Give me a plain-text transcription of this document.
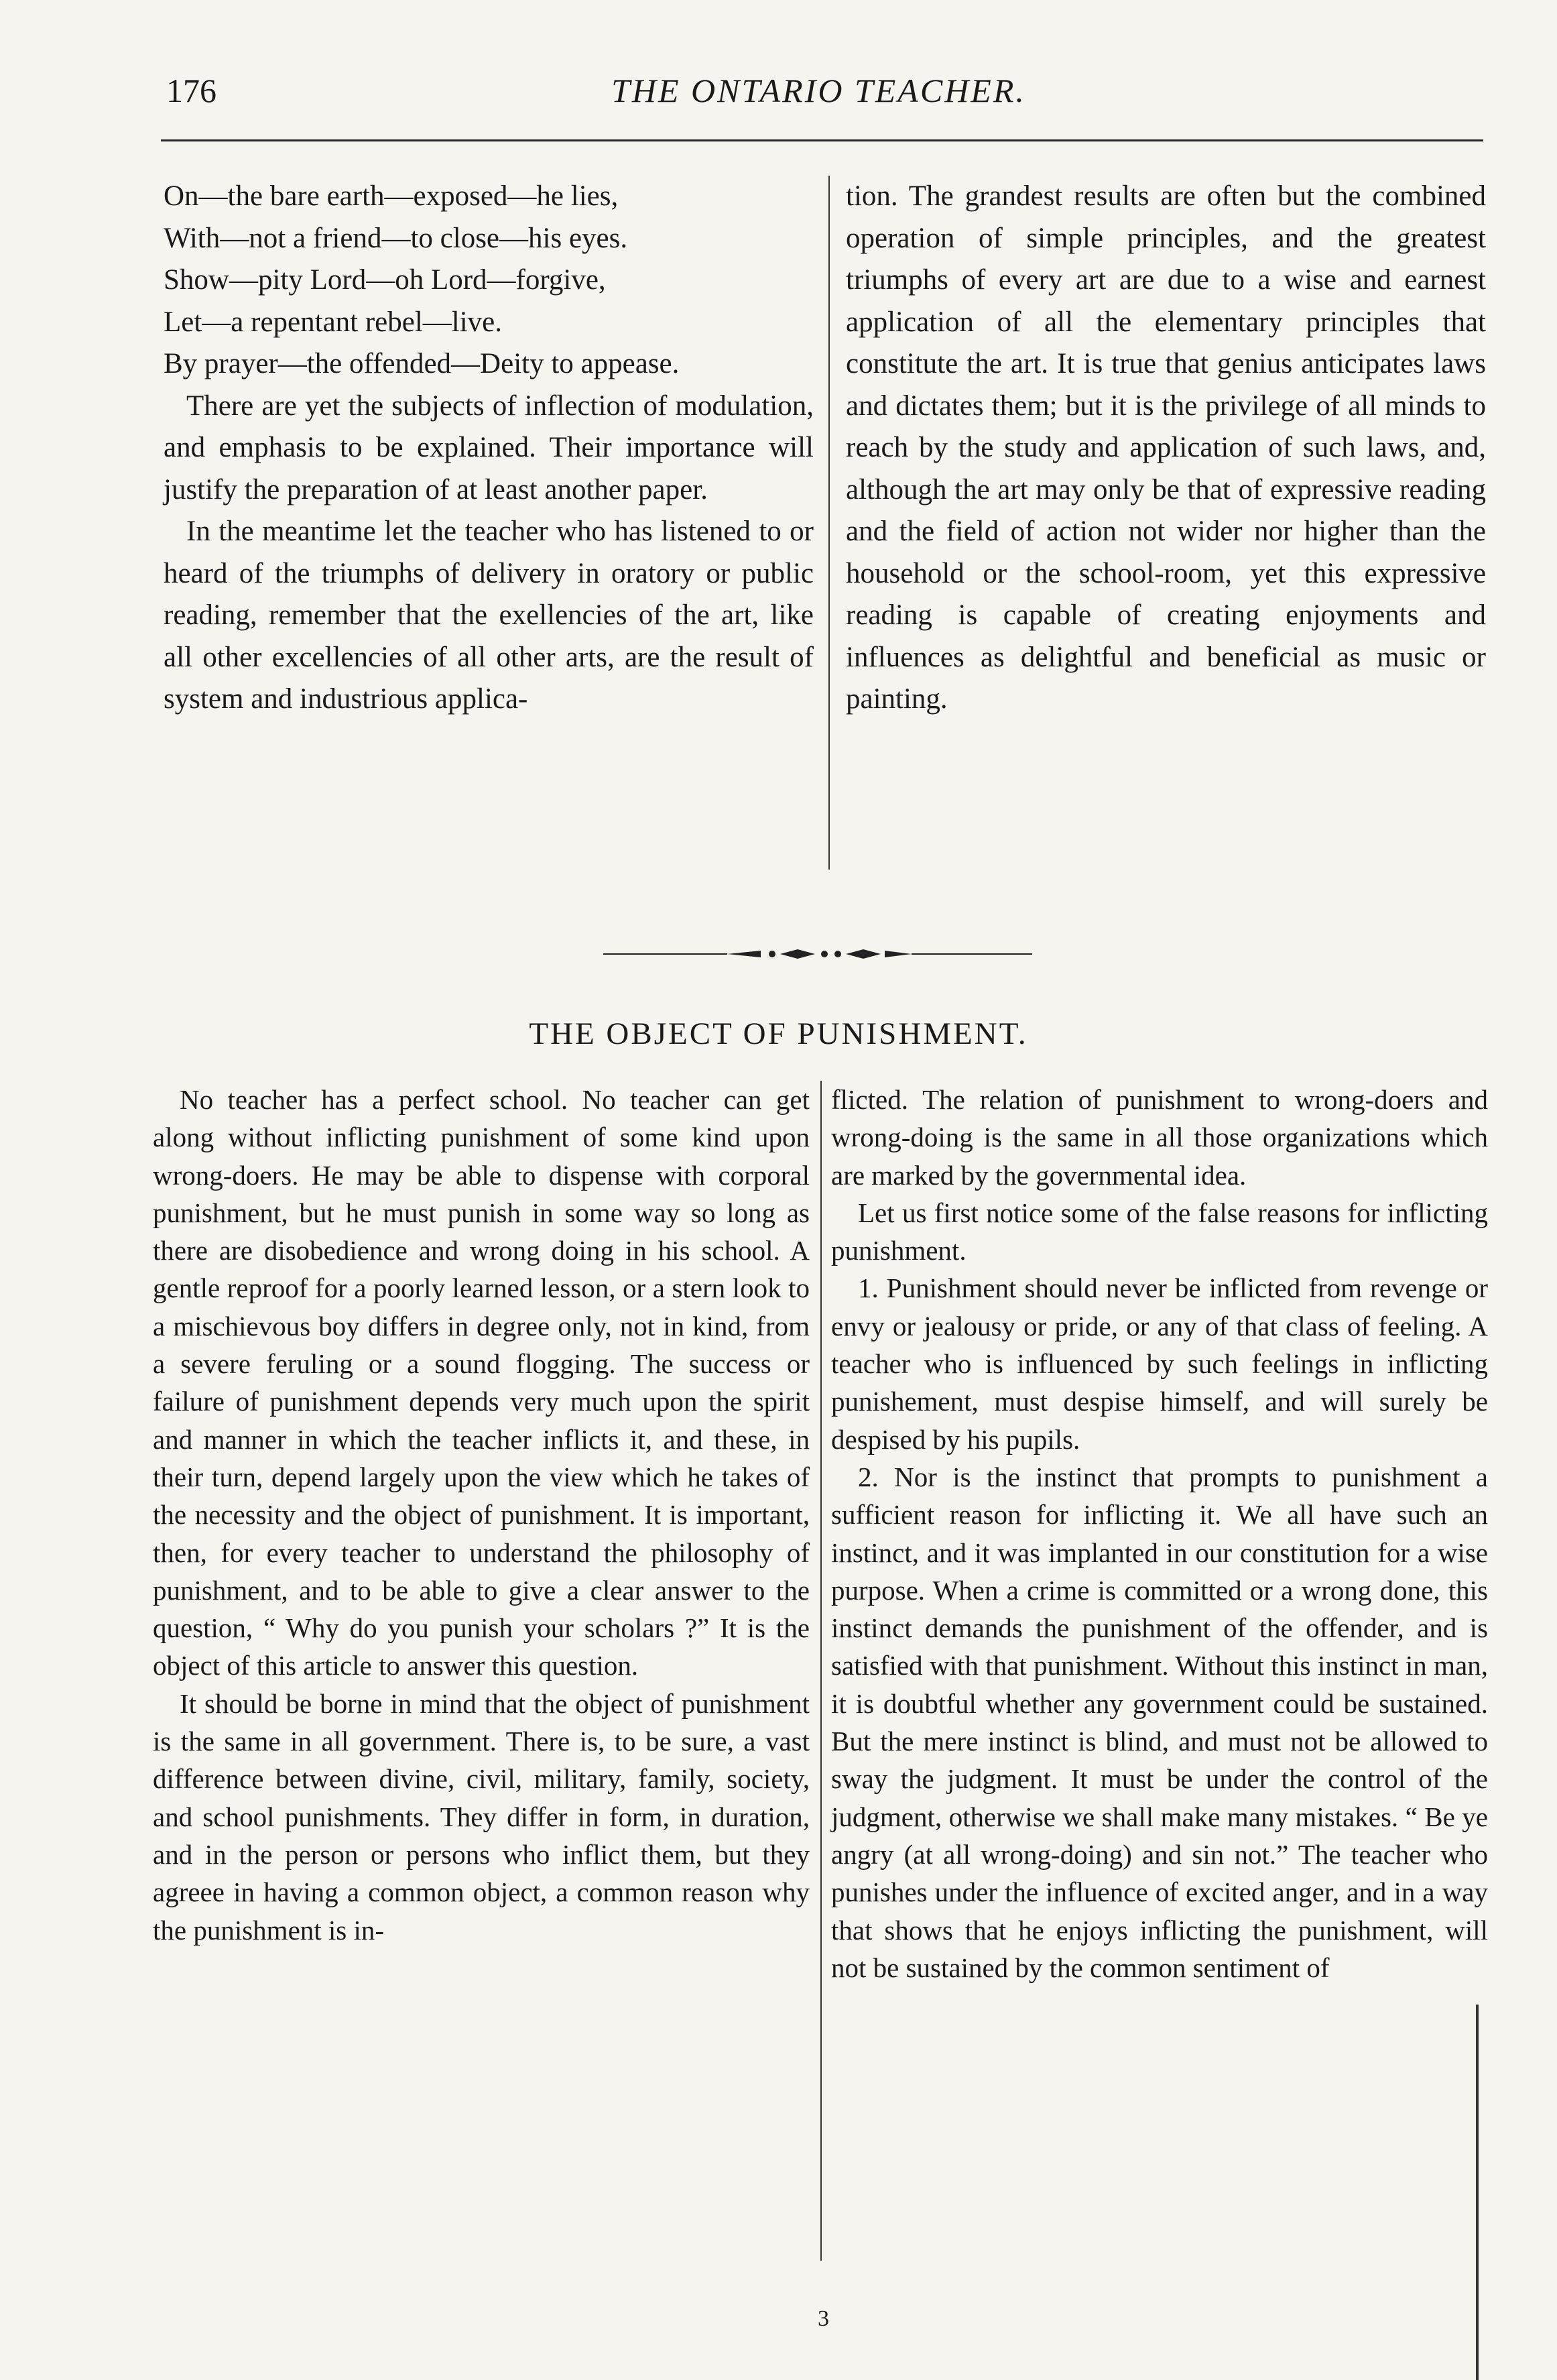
176	THE ONTARIO TEACHER.

On—the bare earth—exposed—he lies,

With—not a friend—to close—his eyes.

Show—pity Lord—oh Lord—forgive,

Let—a repentant rebel—live.

By prayer—the offended—Deity to appease.

There are yet the subjects of inflection of modulation, and emphasis to be explained. Their importance will justify the preparation of at least another paper.

In the meantime let the teacher who has listened to or heard of the triumphs of delivery in oratory or public reading, remember that the exellencies of the art, like all other excellencies of all other arts, are the result of system and industrious applica-

tion. The grandest results are often but the combined operation of simple principles, and the greatest triumphs of every art are due to a wise and earnest application of all the elementary principles that constitute the art. It is true that genius anticipates laws and dictates them; but it is the privilege of all minds to reach by the study and application of such laws, and, although the art may only be that of expressive reading and the field of action not wider nor higher than the household or the school-room, yet this expressive reading is capable of creating enjoyments and influences as delightful and beneficial as music or painting.

THE OBJECT OF PUNISHMENT.

No teacher has a perfect school. No teacher can get along without inflicting punishment of some kind upon wrong-doers. He may be able to dispense with corporal punishment, but he must punish in some way so long as there are disobedience and wrong doing in his school. A gentle reproof for a poorly learned lesson, or a stern look to a mischievous boy differs in degree only, not in kind, from a severe feruling or a sound flogging. The success or failure of punishment depends very much upon the spirit and manner in which the teacher inflicts it, and these, in their turn, depend largely upon the view which he takes of the necessity and the object of punishment. It is important, then, for every teacher to understand the philosophy of punishment, and to be able to give a clear answer to the question, “ Why do you punish your scholars ?” It is the object of this article to answer this question.

It should be borne in mind that the object of punishment is the same in all government. There is, to be sure, a vast difference between divine, civil, military, family, society, and school punishments. They differ in form, in duration, and in the person or persons who inflict them, but they agreee in having a common object, a common reason why the punishment is in-

flicted. The relation of punishment to wrong-doers and wrong-doing is the same in all those organizations which are marked by the governmental idea.

Let us first notice some of the false reasons for inflicting punishment.

1. Punishment should never be inflicted from revenge or envy or jealousy or pride, or any of that class of feeling. A teacher who is influenced by such feelings in inflicting punishement, must despise himself, and will surely be despised by his pupils.

2. Nor is the instinct that prompts to punishment a sufficient reason for inflicting it. We all have such an instinct, and it was implanted in our constitution for a wise purpose. When a crime is committed or a wrong done, this instinct demands the punishment of the offender, and is satisfied with that punishment. Without this instinct in man, it is doubtful whether any government could be sustained. But the mere instinct is blind, and must not be allowed to sway the judgment. It must be under the control of the judgment, otherwise we shall make many mistakes. “ Be ye angry (at all wrong-doing) and sin not.” The teacher who punishes under the influence of excited anger, and in a way that shows that he enjoys inflicting the punishment, will not be sustained by the common sentiment of

3
